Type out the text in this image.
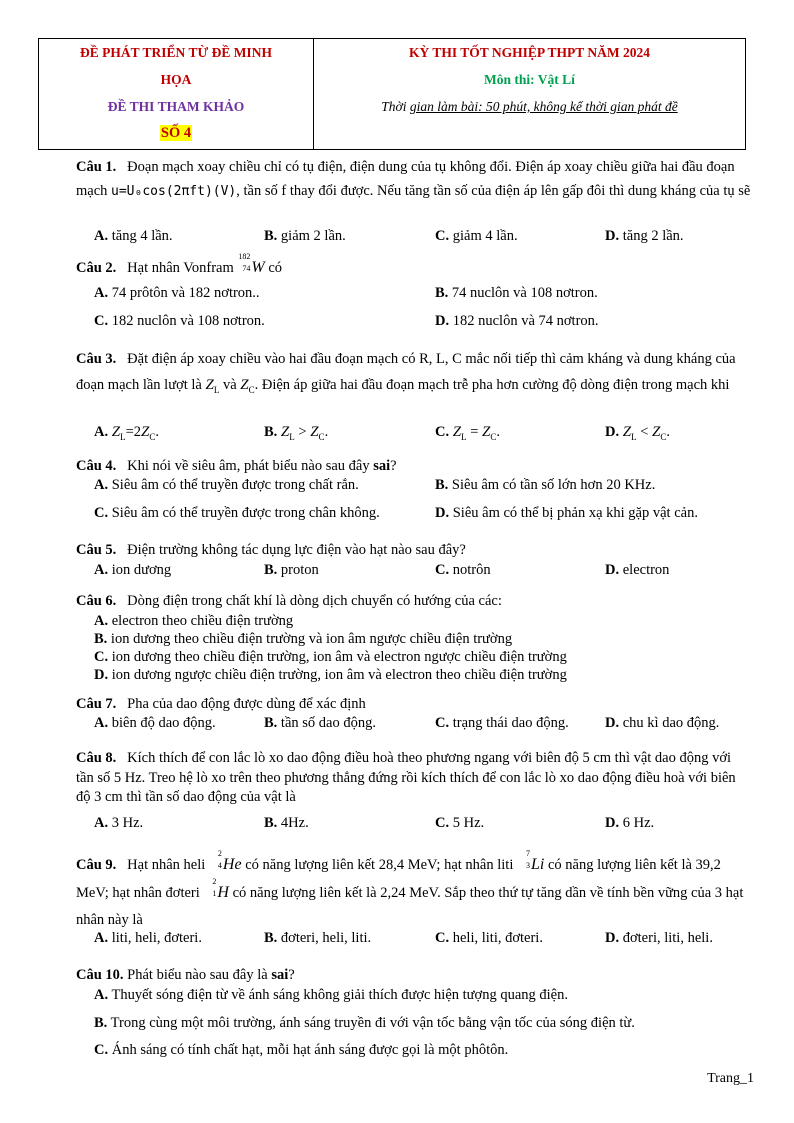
ĐỀ PHÁT TRIỂN TỪ ĐỀ MINH
HỌA
ĐỀ THI THAM KHẢO
SỐ 4

KỲ THI TỐT NGHIỆP THPT NĂM 2024
Môn thi: Vật Lí
Thời gian làm bài: 50 phút, không kể thời gian phát đề
Câu 1. Đoạn mạch xoay chiều chỉ có tụ điện, điện dung của tụ không đổi. Điện áp xoay chiều giữa hai đầu đoạn mạch u=U₀cos(2πft)(V), tần số f thay đổi được. Nếu tăng tần số của điện áp lên gấp đôi thì dung kháng của tụ sẽ
A. tăng 4 lần.	B. giảm 2 lần.	C. giảm 4 lần.	D. tăng 2 lần.
Câu 2. Hạt nhân Vonfram
182
74 W có
A. 74 prôtôn và 182 nơtron..	B. 74 nuclôn và 108 nơtron.
C. 182 nuclôn và 108 nơtron.	D. 182 nuclôn và 74 nơtron.
Câu 3. Đặt điện áp xoay chiều vào hai đầu đoạn mạch có R, L, C mắc nối tiếp thì cảm kháng và dung kháng của đoạn mạch lần lượt là $Z_L$ và $Z_C$. Điện áp giữa hai đầu đoạn mạch trễ pha hơn cường độ dòng điện trong mạch khi
A. $Z_L=2Z_C$.	B. $Z_L > Z_C$.	C. $Z_L = Z_C$.	D. $Z_L < Z_C$.
Câu 4. Khi nói về siêu âm, phát biểu nào sau đây sai?
A. Siêu âm có thể truyền được trong chất rắn.	B. Siêu âm có tần số lớn hơn 20 KHz.
C. Siêu âm có thể truyền được trong chân không.	D. Siêu âm có thể bị phản xạ khi gặp vật cản.
Câu 5. Điện trường không tác dụng lực điện vào hạt nào sau đây?
A. ion dương	B. proton	C. notrôn	D. electron
Câu 6. Dòng điện trong chất khí là dòng dịch chuyển có hướng của các:
A. electron theo chiều điện trường
B. ion dương theo chiều điện trường và ion âm ngược chiều điện trường
C. ion dương theo chiều điện trường, ion âm và electron ngược chiều điện trường
D. ion dương ngược chiều điện trường, ion âm và electron theo chiều điện trường
Câu 7. Pha của dao động được dùng để xác định
A. biên độ dao động.	B. tần số dao động.	C. trạng thái dao động.	D. chu kì dao động.
Câu 8. Kích thích để con lắc lò xo dao động điều hoà theo phương ngang với biên độ 5 cm thì vật dao động với tần số 5 Hz. Treo hệ lò xo trên theo phương thẳng đứng rồi kích thích để con lắc lò xo dao động điều hoà với biên độ 3 cm thì tần số dao động của vật là
A. 3 Hz.	B. 4Hz.	C. 5 Hz.	D. 6 Hz.
Câu 9. Hạt nhân heli
2
4 He có năng lượng liên kết 28,4 MeV; hạt nhân liti
7
3 Li có năng lượng liên kết là 39,2 MeV; hạt nhân đơteri
2
1 H có năng lượng liên kết là 2,24 MeV. Sắp theo thứ tự tăng dần về tính bền vững của 3 hạt nhân này là
A. liti, heli, đơteri.	B. đơteri, heli, liti.	C. heli, liti, đơteri.	D. đơteri, liti, heli.
Câu 10. Phát biểu nào sau đây là sai?
A. Thuyết sóng điện từ về ánh sáng không giải thích được hiện tượng quang điện.
B. Trong cùng một môi trường, ánh sáng truyền đi với vận tốc bằng vận tốc của sóng điện từ.
C. Ánh sáng có tính chất hạt, mỗi hạt ánh sáng được gọi là một phôtôn.
Trang_1
